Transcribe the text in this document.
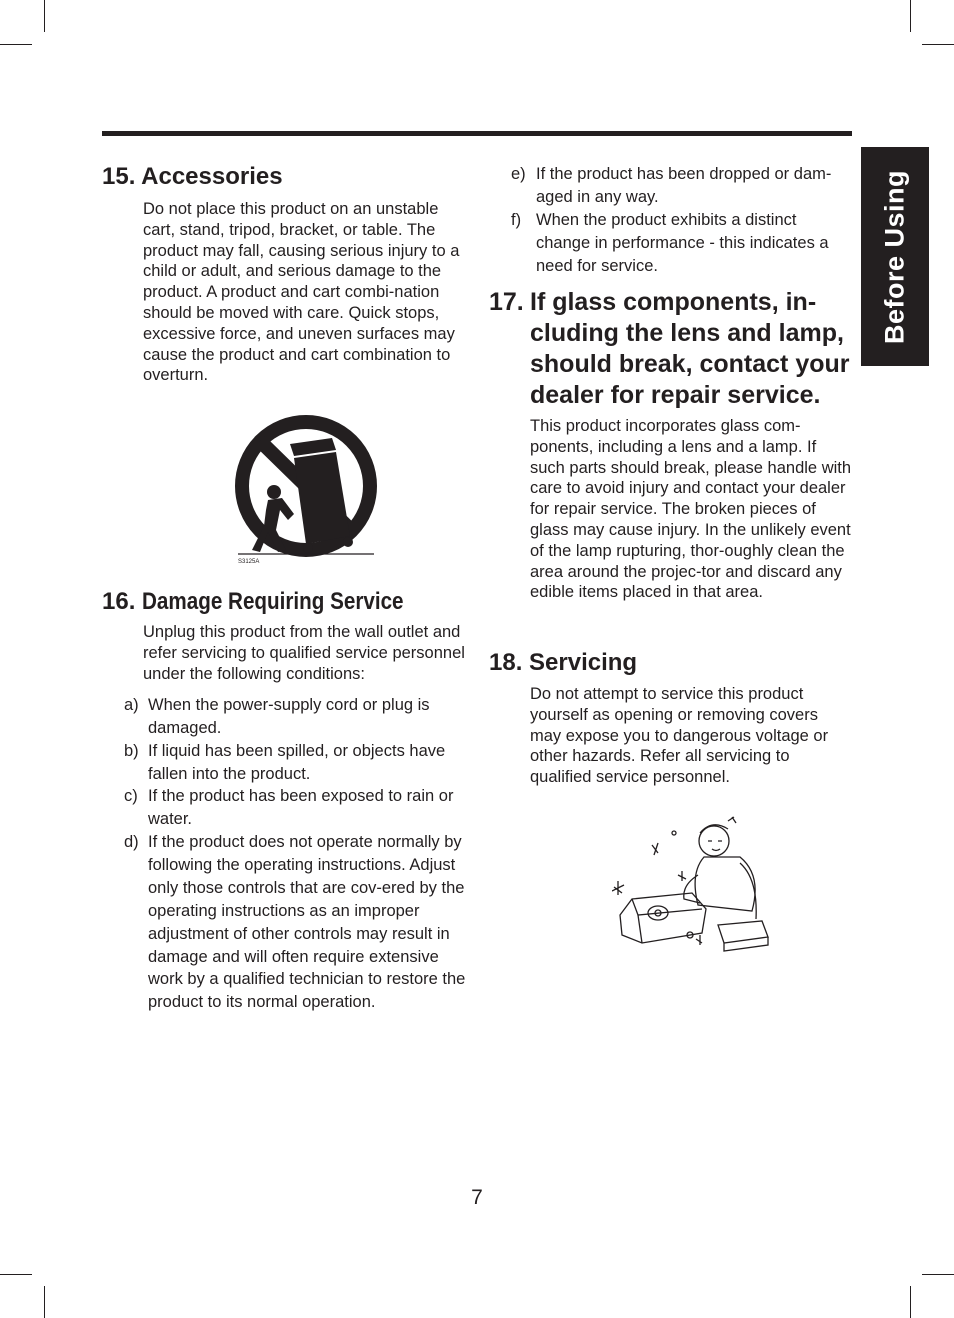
Before Using
15. Accessories

Do not place this product on an unstable cart, stand, tripod, bracket, or table. The product may fall, causing serious injury to a child or adult, and serious damage to the product. A product and cart combi-nation should be moved with care. Quick stops, excessive force, and uneven surfaces may cause the product and cart combination to overturn.

S3125A
16. Damage Requiring Service

Unplug this product from the wall outlet and refer servicing to qualified service personnel under the following conditions:

a) When the power-supply cord or plug is damaged.
b) If liquid has been spilled, or objects have fallen into the product.
c) If the product has been exposed to rain or water.
d) If the product does not operate normally by following the operating instructions. Adjust only those controls that are cov-ered by the operating instructions as an improper adjustment of other controls may result in damage and will often require extensive work by a qualified technician to restore the product to its normal operation.
e) If the product has been dropped or dam-aged in any way.
f) When the product exhibits a distinct change in performance - this indicates a need for service.
17. If glass components, in-cluding the lens and lamp, should break, contact your dealer for repair service.

This product incorporates glass com-ponents, including a lens and a lamp. If such parts should break, please handle with care to avoid injury and contact your dealer for repair service. The broken pieces of glass may cause injury. In the unlikely event of the lamp rupturing, thor-oughly clean the area around the projec-tor and discard any edible items placed in that area.

18. Servicing

Do not attempt to service this product yourself as opening or removing covers may expose you to dangerous voltage or other hazards. Refer all servicing to qualified service personnel.

7
